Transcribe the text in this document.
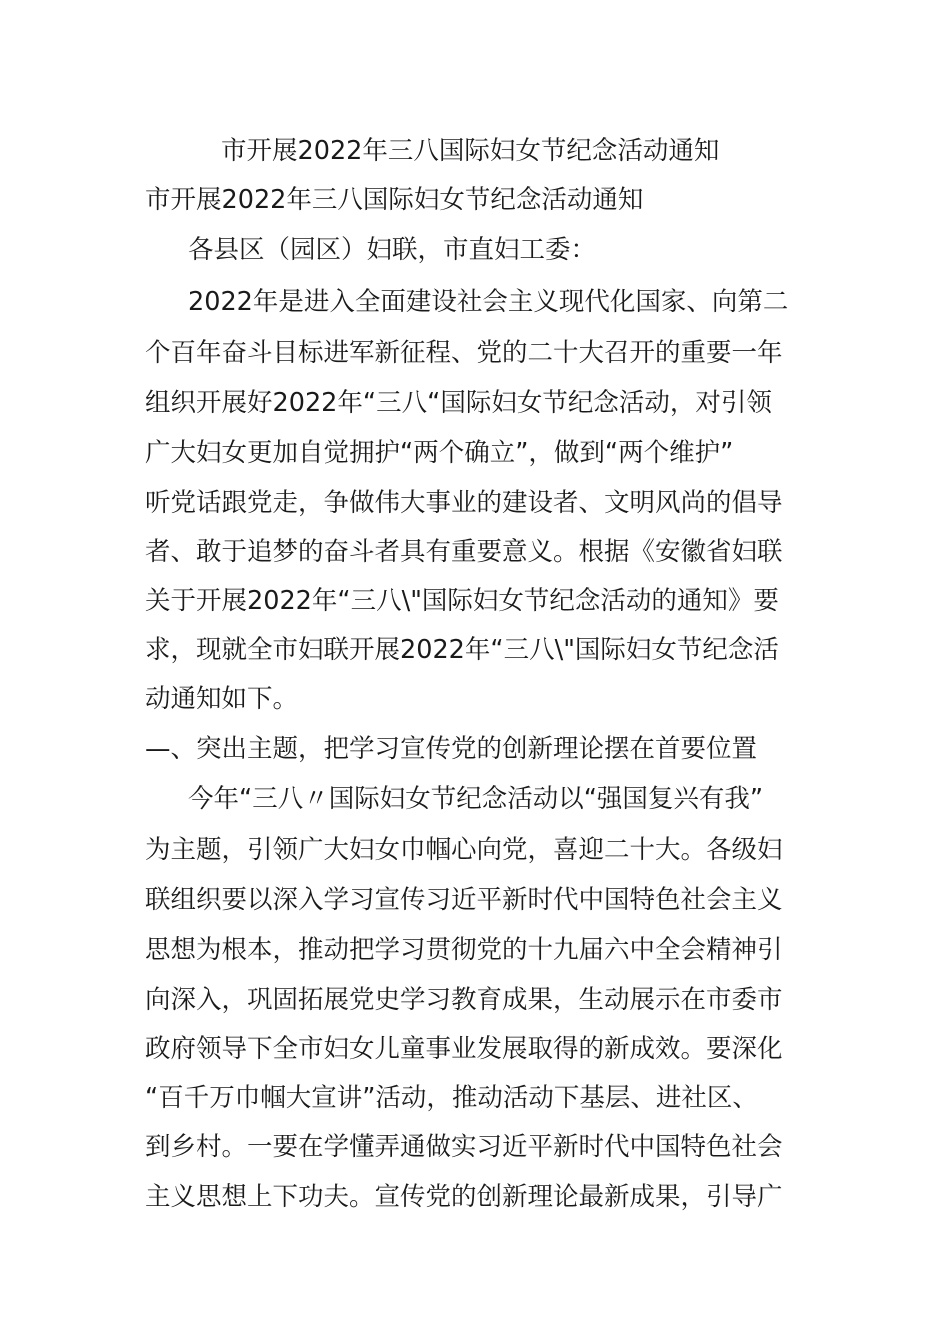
市开展2022年三八国际妇女节纪念活动通知
市开展2022年三八国际妇女节纪念活动通知
各县区（园区）妇联，市直妇工委：
2022年是进入全面建设社会主义现代化国家、向第二
个百年奋斗目标进军新征程、党的二十大召开的重要一年
组织开展好2022年“三八“国际妇女节纪念活动，对引领
广大妇女更加自觉拥护“两个确立”，做到“两个维护”
听党话跟党走，争做伟大事业的建设者、文明风尚的倡导
者、敢于追梦的奋斗者具有重要意义。根据《安徽省妇联
关于开展2022年“三八\"国际妇女节纪念活动的通知》要
求，现就全市妇联开展2022年“三八\"国际妇女节纪念活
动通知如下。
—、突出主题，把学习宣传党的创新理论摆在首要位置
今年“三八〃国际妇女节纪念活动以“强国复兴有我”
为主题，引领广大妇女巾帼心向党，喜迎二十大。各级妇
联组织要以深入学习宣传习近平新时代中国特色社会主义
思想为根本，推动把学习贯彻党的十九届六中全会精神引
向深入，巩固拓展党史学习教育成果，生动展示在市委市
政府领导下全市妇女儿童事业发展取得的新成效。要深化
“百千万巾帼大宣讲”活动，推动活动下基层、进社区、
到乡村。一要在学懂弄通做实习近平新时代中国特色社会
主义思想上下功夫。宣传党的创新理论最新成果，引导广
